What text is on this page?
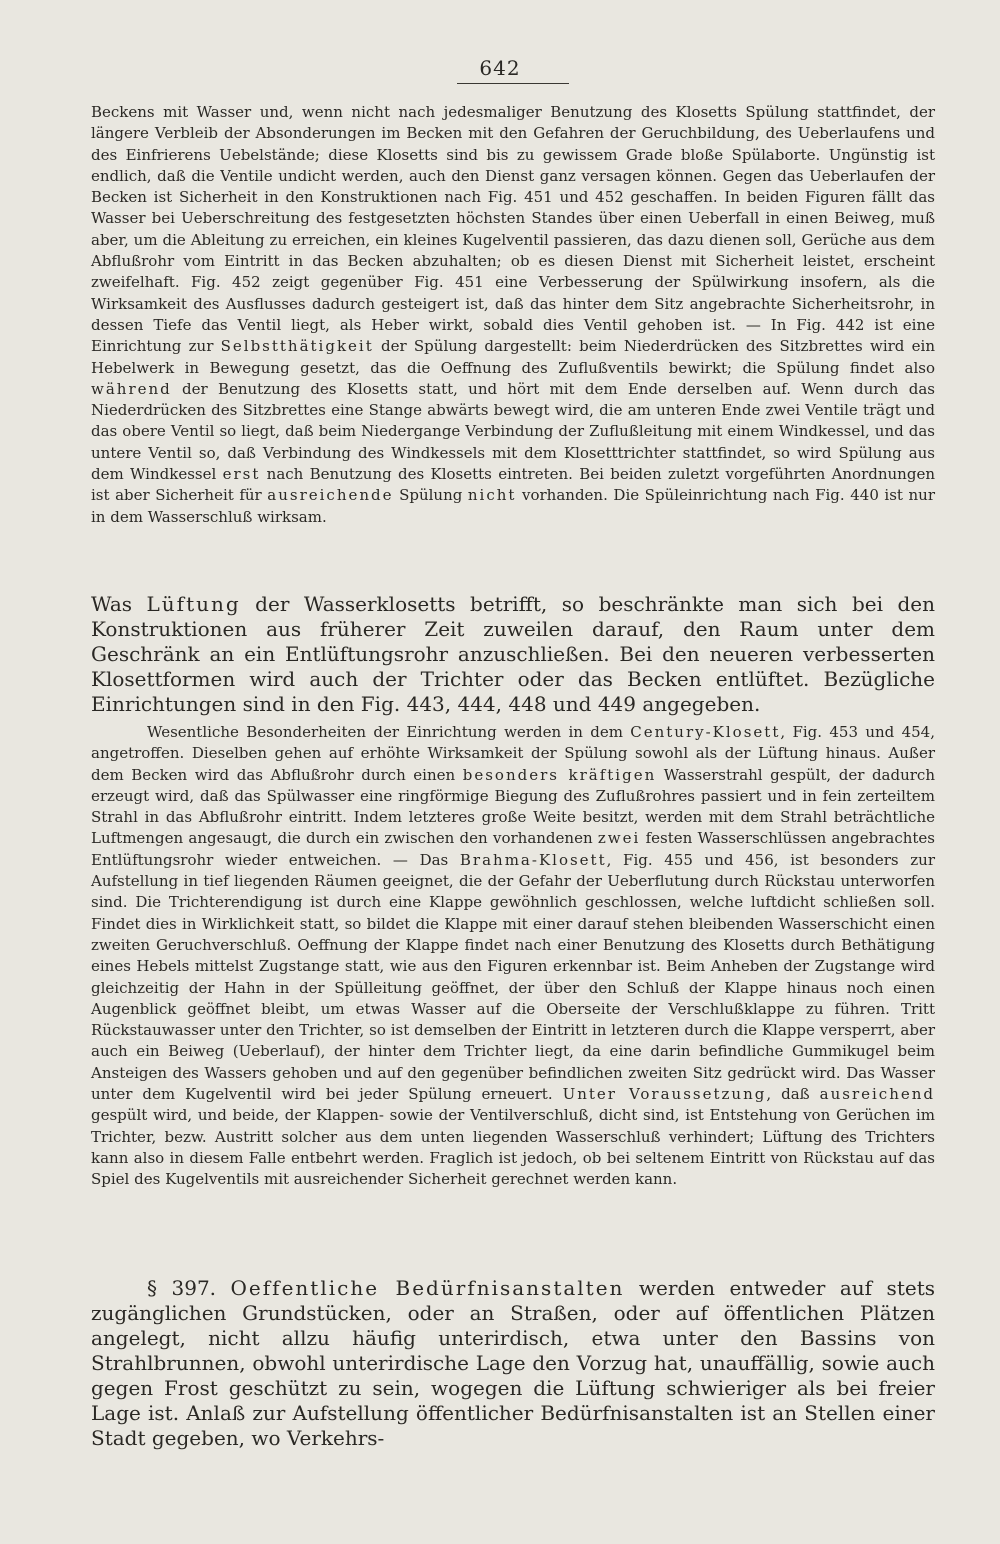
642

Beckens mit Wasser und, wenn nicht nach jedesmaliger Benutzung des Klosetts Spülung stattfindet, der längere Verbleib der Absonderungen im Becken mit den Gefahren der Geruchbildung, des Ueberlaufens und des Einfrierens Uebelstände; diese Klosetts sind bis zu gewissem Grade bloße Spülaborte. Ungünstig ist endlich, daß die Ventile undicht werden, auch den Dienst ganz versagen können. Gegen das Ueberlaufen der Becken ist Sicherheit in den Konstruktionen nach Fig. 451 und 452 geschaffen. In beiden Figuren fällt das Wasser bei Ueberschreitung des festgesetzten höchsten Standes über einen Ueberfall in einen Beiweg, muß aber, um die Ableitung zu erreichen, ein kleines Kugelventil passieren, das dazu dienen soll, Gerüche aus dem Abflußrohr vom Eintritt in das Becken abzuhalten; ob es diesen Dienst mit Sicherheit leistet, erscheint zweifelhaft. Fig. 452 zeigt gegenüber Fig. 451 eine Verbesserung der Spülwirkung insofern, als die Wirksamkeit des Ausflusses dadurch gesteigert ist, daß das hinter dem Sitz angebrachte Sicherheitsrohr, in dessen Tiefe das Ventil liegt, als Heber wirkt, sobald dies Ventil gehoben ist. — In Fig. 442 ist eine Einrichtung zur Selbstthätigkeit der Spülung dargestellt: beim Niederdrücken des Sitzbrettes wird ein Hebelwerk in Bewegung gesetzt, das die Oeffnung des Zuflußventils bewirkt; die Spülung findet also während der Benutzung des Klosetts statt, und hört mit dem Ende derselben auf. Wenn durch das Niederdrücken des Sitzbrettes eine Stange abwärts bewegt wird, die am unteren Ende zwei Ventile trägt und das obere Ventil so liegt, daß beim Niedergange Verbindung der Zuflußleitung mit einem Windkessel, und das untere Ventil so, daß Verbindung des Windkessels mit dem Klosetttrichter stattfindet, so wird Spülung aus dem Windkessel erst nach Benutzung des Klosetts eintreten. Bei beiden zuletzt vorgeführten Anordnungen ist aber Sicherheit für ausreichende Spülung nicht vorhanden. Die Spüleinrichtung nach Fig. 440 ist nur in dem Wasserschluß wirksam.

Was Lüftung der Wasserklosetts betrifft, so beschränkte man sich bei den Konstruktionen aus früherer Zeit zuweilen darauf, den Raum unter dem Geschränk an ein Entlüftungsrohr anzuschließen. Bei den neueren verbesserten Klosettformen wird auch der Trichter oder das Becken entlüftet. Bezügliche Einrichtungen sind in den Fig. 443, 444, 448 und 449 angegeben.

Wesentliche Besonderheiten der Einrichtung werden in dem Century-Klosett, Fig. 453 und 454, angetroffen. Dieselben gehen auf erhöhte Wirksamkeit der Spülung sowohl als der Lüftung hinaus. Außer dem Becken wird das Abflußrohr durch einen besonders kräftigen Wasserstrahl gespült, der dadurch erzeugt wird, daß das Spülwasser eine ringförmige Biegung des Zuflußrohres passiert und in fein zerteiltem Strahl in das Abflußrohr eintritt. Indem letzteres große Weite besitzt, werden mit dem Strahl beträchtliche Luftmengen angesaugt, die durch ein zwischen den vorhandenen zwei festen Wasserschlüssen angebrachtes Entlüftungsrohr wieder entweichen. — Das Brahma-Klosett, Fig. 455 und 456, ist besonders zur Aufstellung in tief liegenden Räumen geeignet, die der Gefahr der Ueberflutung durch Rückstau unterworfen sind. Die Trichterendigung ist durch eine Klappe gewöhnlich geschlossen, welche luftdicht schließen soll. Findet dies in Wirklichkeit statt, so bildet die Klappe mit einer darauf stehen bleibenden Wasserschicht einen zweiten Geruchverschluß. Oeffnung der Klappe findet nach einer Benutzung des Klosetts durch Bethätigung eines Hebels mittelst Zugstange statt, wie aus den Figuren erkennbar ist. Beim Anheben der Zugstange wird gleichzeitig der Hahn in der Spülleitung geöffnet, der über den Schluß der Klappe hinaus noch einen Augenblick geöffnet bleibt, um etwas Wasser auf die Oberseite der Verschlußklappe zu führen. Tritt Rückstauwasser unter den Trichter, so ist demselben der Eintritt in letzteren durch die Klappe versperrt, aber auch ein Beiweg (Ueberlauf), der hinter dem Trichter liegt, da eine darin befindliche Gummikugel beim Ansteigen des Wassers gehoben und auf den gegenüber befindlichen zweiten Sitz gedrückt wird. Das Wasser unter dem Kugelventil wird bei jeder Spülung erneuert. Unter Voraussetzung, daß ausreichend gespült wird, und beide, der Klappen- sowie der Ventilverschluß, dicht sind, ist Entstehung von Gerüchen im Trichter, bezw. Austritt solcher aus dem unten liegenden Wasserschluß verhindert; Lüftung des Trichters kann also in diesem Falle entbehrt werden. Fraglich ist jedoch, ob bei seltenem Eintritt von Rückstau auf das Spiel des Kugelventils mit ausreichender Sicherheit gerechnet werden kann.

§ 397. Oeffentliche Bedürfnisanstalten werden entweder auf stets zugänglichen Grundstücken, oder an Straßen, oder auf öffentlichen Plätzen angelegt, nicht allzu häufig unterirdisch, etwa unter den Bassins von Strahlbrunnen, obwohl unterirdische Lage den Vorzug hat, unauffällig, sowie auch gegen Frost geschützt zu sein, wogegen die Lüftung schwieriger als bei freier Lage ist. Anlaß zur Aufstellung öffentlicher Bedürfnisanstalten ist an Stellen einer Stadt gegeben, wo Verkehrs-
